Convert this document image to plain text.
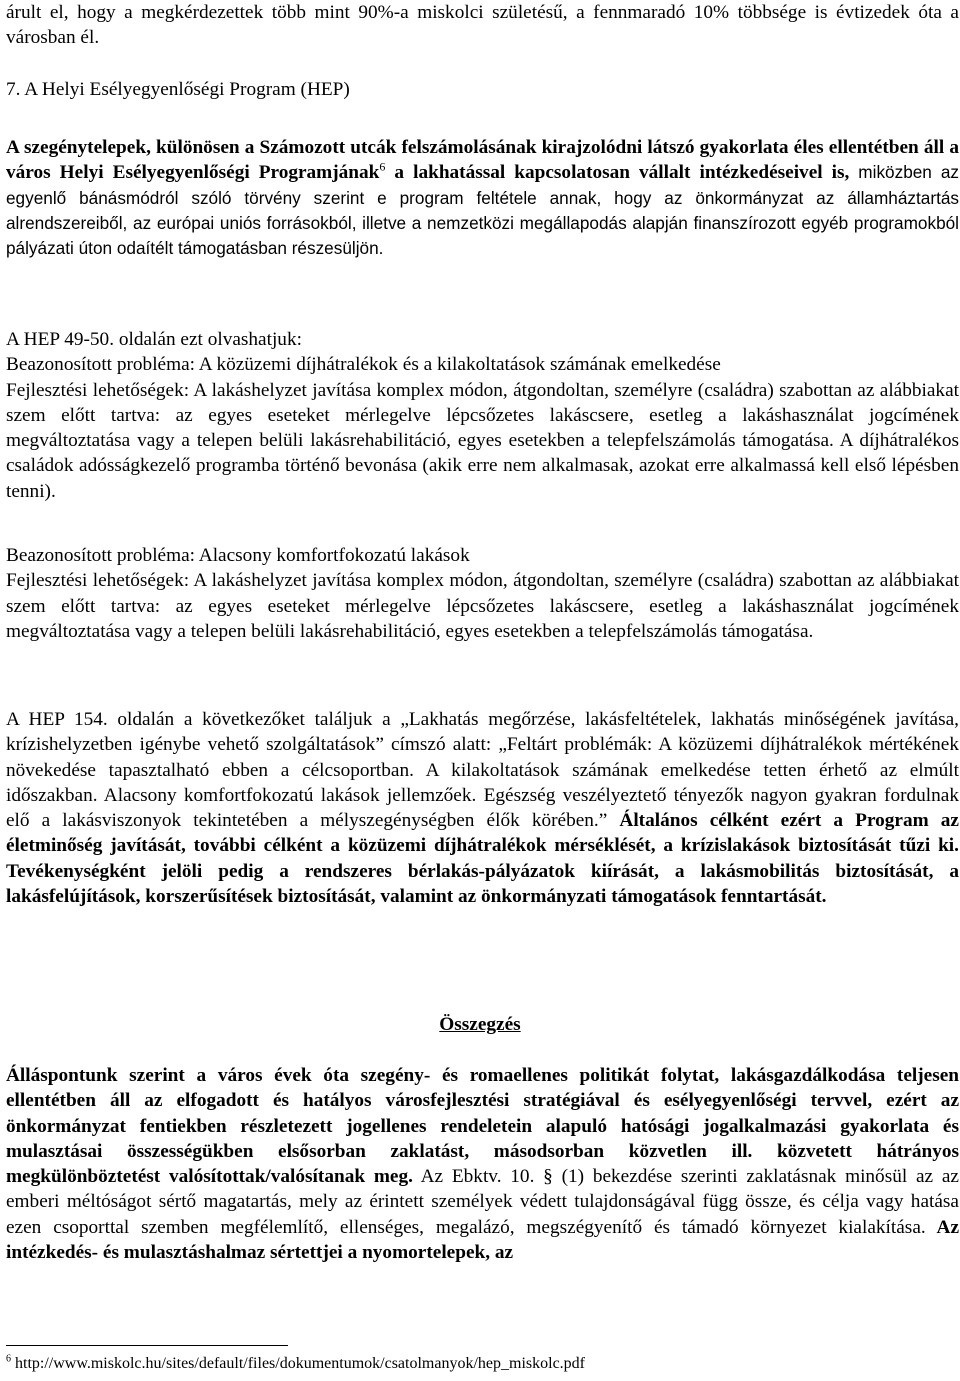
árult el, hogy a megkérdezettek több mint 90%-a miskolci születésű, a fennmaradó 10% többsége is évtizedek óta a városban él.

7. A Helyi Esélyegyenlőségi Program (HEP)

A szegénytelepek, különösen a Számozott utcák felszámolásának kirajzolódni látszó gyakorlata éles ellentétben áll a város Helyi Esélyegyenlőségi Programjának$^6$ a lakhatással kapcsolatosan vállalt intézkedéseivel is, miközben az egyenlő bánásmódról szóló törvény szerint e program feltétele annak, hogy az önkormányzat az államháztartás alrendszereiből, az európai uniós forrásokból, illetve a nemzetközi megállapodás alapján finanszírozott egyéb programokból pályázati úton odaítélt támogatásban részesüljön.

A HEP 49-50. oldalán ezt olvashatjuk:
Beazonosított probléma: A közüzemi díjhátralékok és a kilakoltatások számának emelkedése
Fejlesztési lehetőségek: A lakáshelyzet javítása komplex módon, átgondoltan, személyre (családra) szabottan az alábbiakat szem előtt tartva: az egyes eseteket mérlegelve lépcsőzetes lakáscsere, esetleg a lakáshasználat jogcímének megváltoztatása vagy a telepen belüli lakásrehabilitáció, egyes esetekben a telepfelszámolás támogatása. A díjhátralékos családok adósságkezelő programba történő bevonása (akik erre nem alkalmasak, azokat erre alkalmassá kell első lépésben tenni).
Beazonosított probléma: Alacsony komfortfokozatú lakások
Fejlesztési lehetőségek: A lakáshelyzet javítása komplex módon, átgondoltan, személyre (családra) szabottan az alábbiakat szem előtt tartva: az egyes eseteket mérlegelve lépcsőzetes lakáscsere, esetleg a lakáshasználat jogcímének megváltoztatása vagy a telepen belüli lakásrehabilitáció, egyes esetekben a telepfelszámolás támogatása.

A HEP 154. oldalán a következőket találjuk a „Lakhatás megőrzése, lakásfeltételek, lakhatás minőségének javítása, krízishelyzetben igénybe vehető szolgáltatások” címszó alatt: „Feltárt problémák: A közüzemi díjhátralékok mértékének növekedése tapasztalható ebben a célcsoportban. A kilakoltatások számának emelkedése tetten érhető az elmúlt időszakban. Alacsony komfortfokozatú lakások jellemzőek. Egészség veszélyeztető tényezők nagyon gyakran fordulnak elő a lakásviszonyok tekintetében a mélyszegénységben élők körében.” Általános célként ezért a Program az életminőség javítását, további célként a közüzemi díjhátralékok mérséklését, a krízislakások biztosítását tűzi ki. Tevékenységként jelöli pedig a rendszeres bérlakás-pályázatok kiírását, a lakásmobilitás biztosítását, a lakásfelújítások, korszerűsítések biztosítását, valamint az önkormányzati támogatások fenntartását.

Összegzés

Álláspontunk szerint a város évek óta szegény- és romaellenes politikát folytat, lakásgazdálkodása teljesen ellentétben áll az elfogadott és hatályos városfejlesztési stratégiával és esélyegyenlőségi tervvel, ezért az önkormányzat fentiekben részletezett jogellenes rendeletein alapuló hatósági jogalkalmazási gyakorlata és mulasztásai összességükben elsősorban zaklatást, másodsorban közvetlen ill. közvetett hátrányos megkülönböztetést valósítottak/valósítanak meg. Az Ebktv. 10. § (1) bekezdése szerinti zaklatásnak minősül az az emberi méltóságot sértő magatartás, mely az érintett személyek védett tulajdonságával függ össze, és célja vagy hatása ezen csoporttal szemben megfélemlítő, ellenséges, megalázó, megszégyenítő és támadó környezet kialakítása. Az intézkedés- és mulasztáshalmaz sértettjei a nyomortelepek, az

$^6$ http://www.miskolc.hu/sites/default/files/dokumentumok/csatolmanyok/hep_miskolc.pdf
